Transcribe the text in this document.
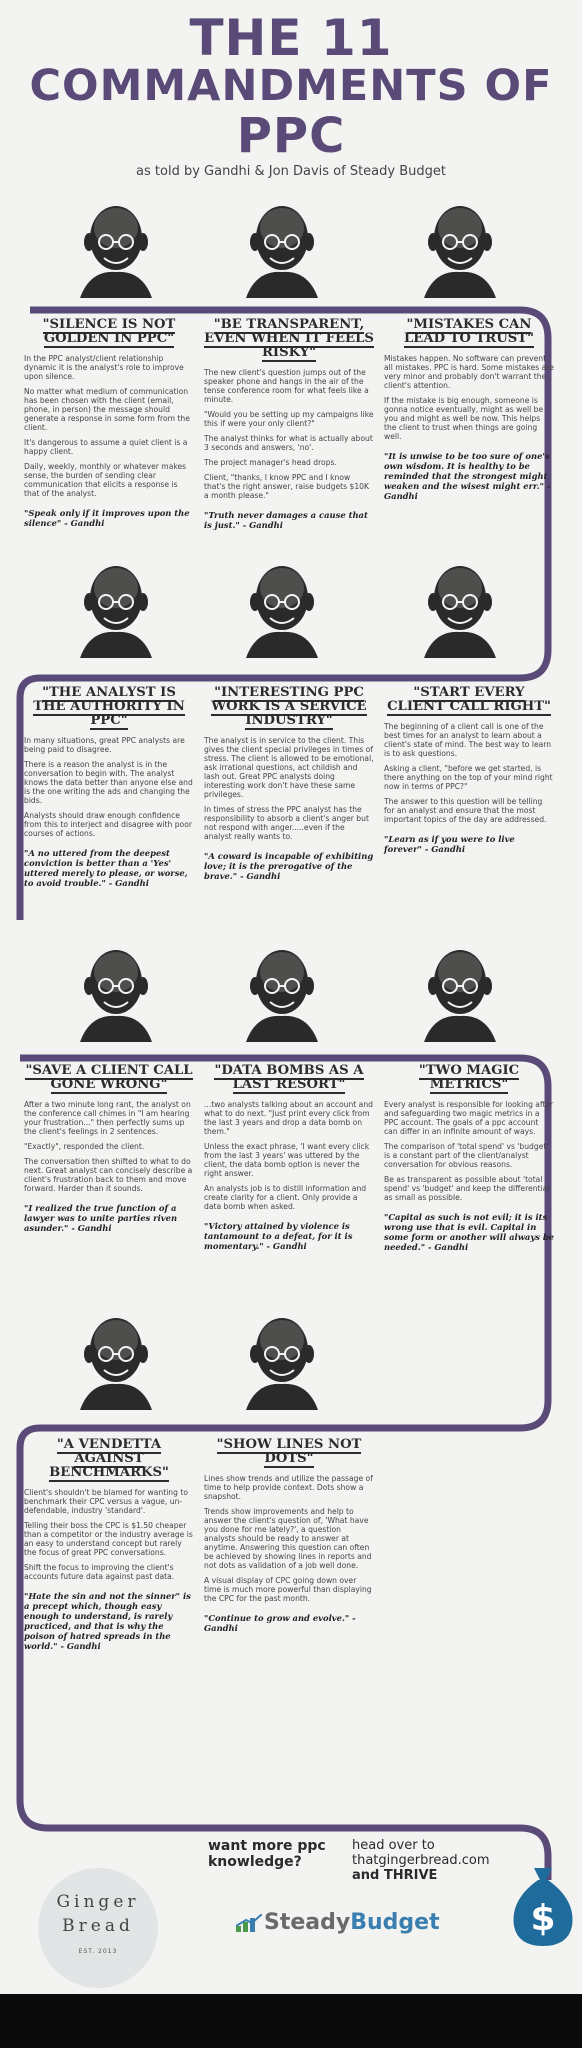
THE 11
COMMANDMENTS OF
PPC
as told by Gandhi & Jon Davis of Steady Budget
"SILENCE IS NOT GOLDEN IN PPC"

In the PPC analyst/client relationship dynamic it is the analyst's role to improve upon silence.

No matter what medium of communication has been chosen with the client (email, phone, in person) the message should generate a response in some form from the client.

It's dangerous to assume a quiet client is a happy client.

Daily, weekly, monthly or whatever makes sense, the burden of sending clear communication that elicits a response is that of the analyst.

"Speak only if it improves upon the silence" - Gandhi

"BE TRANSPARENT, EVEN WHEN IT FEELS RISKY"

The new client's question jumps out of the speaker phone and hangs in the air of the tense conference room for what feels like a minute.

"Would you be setting up my campaigns like this if were your only client?"

The analyst thinks for what is actually about 3 seconds and answers, 'no'.

The project manager's head drops.

Client, "thanks, I know PPC and I know that's the right answer, raise budgets $10K a month please."

"Truth never damages a cause that is just." - Gandhi

"MISTAKES CAN LEAD TO TRUST"

Mistakes happen. No software can prevent all mistakes. PPC is hard. Some mistakes are very minor and probably don't warrant the client's attention.

If the mistake is big enough, someone is gonna notice eventually, might as well be you and might as well be now. This helps the client to trust when things are going well.

"It is unwise to be too sure of one's own wisdom. It is healthy to be reminded that the strongest might weaken and the wisest might err." - Gandhi

"THE ANALYST IS THE AUTHORITY IN PPC"

In many situations, great PPC analysts are being paid to disagree.

There is a reason the analyst is in the conversation to begin with. The analyst knows the data better than anyone else and is the one writing the ads and changing the bids.

Analysts should draw enough confidence from this to interject and disagree with poor courses of actions.

"A no uttered from the deepest conviction is better than a 'Yes' uttered merely to please, or worse, to avoid trouble." - Gandhi

"INTERESTING PPC WORK IS A SERVICE INDUSTRY"

The analyst is in service to the client. This gives the client special privileges in times of stress. The client is allowed to be emotional, ask irrational questions, act childish and lash out. Great PPC analysts doing interesting work don't have these same privileges.

In times of stress the PPC analyst has the responsibility to absorb a client's anger but not respond with anger.....even if the analyst really wants to.

"A coward is incapable of exhibiting love; it is the prerogative of the brave." - Gandhi

"START EVERY CLIENT CALL RIGHT"

The beginning of a client call is one of the best times for an analyst to learn about a client's state of mind. The best way to learn is to ask questions.

Asking a client, "before we get started, is there anything on the top of your mind right now in terms of PPC?"

The answer to this question will be telling for an analyst and ensure that the most important topics of the day are addressed.

"Learn as if you were to live forever" - Gandhi

"SAVE A CLIENT CALL GONE WRONG"

After a two minute long rant, the analyst on the conference call chimes in "I am hearing your frustration..." then perfectly sums up the client's feelings in 2 sentences.

"Exactly", responded the client.

The conversation then shifted to what to do next. Great analyst can concisely describe a client's frustration back to them and move forward. Harder than it sounds.

"I realized the true function of a lawyer was to unite parties riven asunder." - Gandhi

"DATA BOMBS AS A LAST RESORT"

...two analysts talking about an account and what to do next. "Just print every click from the last 3 years and drop a data bomb on them."

Unless the exact phrase, 'I want every click from the last 3 years' was uttered by the client, the data bomb option is never the right answer.

An analysts job is to distill information and create clarity for a client. Only provide a data bomb when asked.

"Victory attained by violence is tantamount to a defeat, for it is momentary." - Gandhi

"TWO MAGIC METRICS"

Every analyst is responsible for looking after and safeguarding two magic metrics in a PPC account. The goals of a ppc account can differ in an infinite amount of ways.

The comparison of 'total spend' vs 'budget' is a constant part of the client/analyst conversation for obvious reasons.

Be as transparent as possible about 'total spend' vs 'budget' and keep the differential as small as possible.

"Capital as such is not evil; it is its wrong use that is evil. Capital in some form or another will always be needed." - Gandhi

"A VENDETTA AGAINST BENCHMARKS"

Client's shouldn't be blamed for wanting to benchmark their CPC versus a vague, un-defendable, industry 'standard'.

Telling their boss the CPC is $1.50 cheaper than a competitor or the industry average is an easy to understand concept but rarely the focus of great PPC conversations.

Shift the focus to improving the client's accounts future data against past data.

"Hate the sin and not the sinner" is a precept which, though easy enough to understand, is rarely practiced, and that is why the poison of hatred spreads in the world." - Gandhi

"SHOW LINES NOT DOTS"

Lines show trends and utilize the passage of time to help provide context. Dots show a snapshot.

Trends show improvements and help to answer the client's question of, 'What have you done for me lately?', a question analysts should be ready to answer at anytime. Answering this question can often be achieved by showing lines in reports and not dots as validation of a job well done.

A visual display of CPC going down over time is much more powerful than displaying the CPC for the past month.

"Continue to grow and evolve." - Gandhi

want more ppc knowledge?
head over to
thatgingerbread.com

and THRIVE
Ginger
Bread
EST. 2013
SteadyBudget	$
